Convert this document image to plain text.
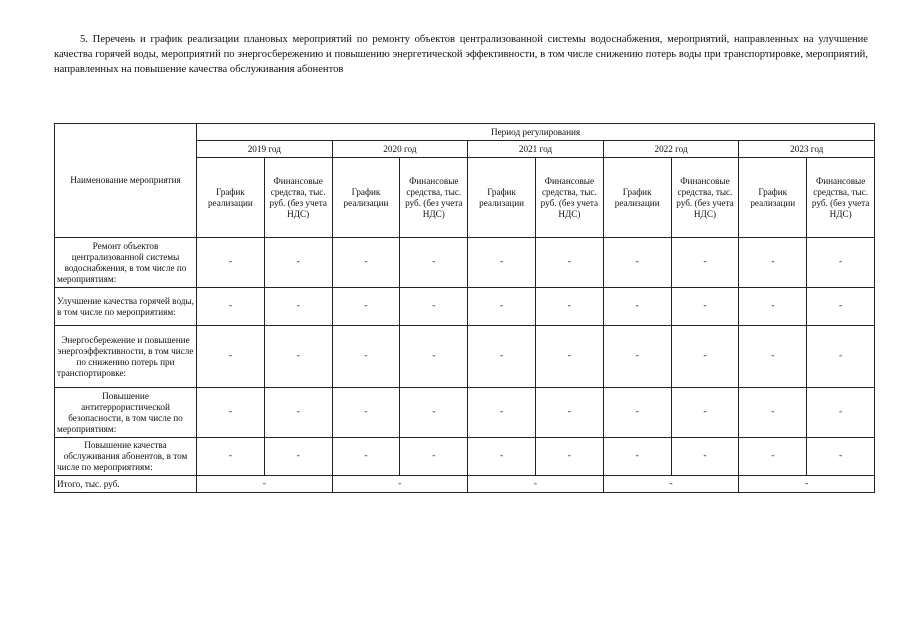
5. Перечень и график реализации плановых мероприятий по ремонту объектов централизованной системы водоснабжения, мероприятий, направленных на улучшение качества горячей воды, мероприятий по энергосбережению и повышению энергетической эффективности, в том числе снижению потерь воды при транспортировке, мероприятий, направленных на повышение качества обслуживания абонентов

Наименование мероприятия	Период регулирования									
	2019 год		2020 год		2021 год		2022 год		2023 год	
	График реализации	Финансовые средства, тыс. руб. (без учета НДС)	График реализации	Финансовые средства, тыс. руб. (без учета НДС)	График реализации	Финансовые средства, тыс. руб. (без учета НДС)	График реализации	Финансовые средства, тыс. руб. (без учета НДС)	График реализации	Финансовые средства, тыс. руб. (без учета НДС)
Ремонт объектов централизованной системы водоснабжения, в том числе по мероприятиям:	-	-	-	-	-	-	-	-	-	-
Улучшение качества горячей воды, в том числе по мероприятиям:	-	-	-	-	-	-	-	-	-	-
Энергосбережение и повышение энергоэффективности, в том числе по снижению потерь при транспортировке:	-	-	-	-	-	-	-	-	-	-
Повышение антитеррористической безопасности, в том числе по мероприятиям:	-	-	-	-	-	-	-	-	-	-
Повышение качества обслуживания абонентов, в том числе по мероприятиям:	-	-	-	-	-	-	-	-	-	-
Итого, тыс. руб.	-		-		-		-		-	
